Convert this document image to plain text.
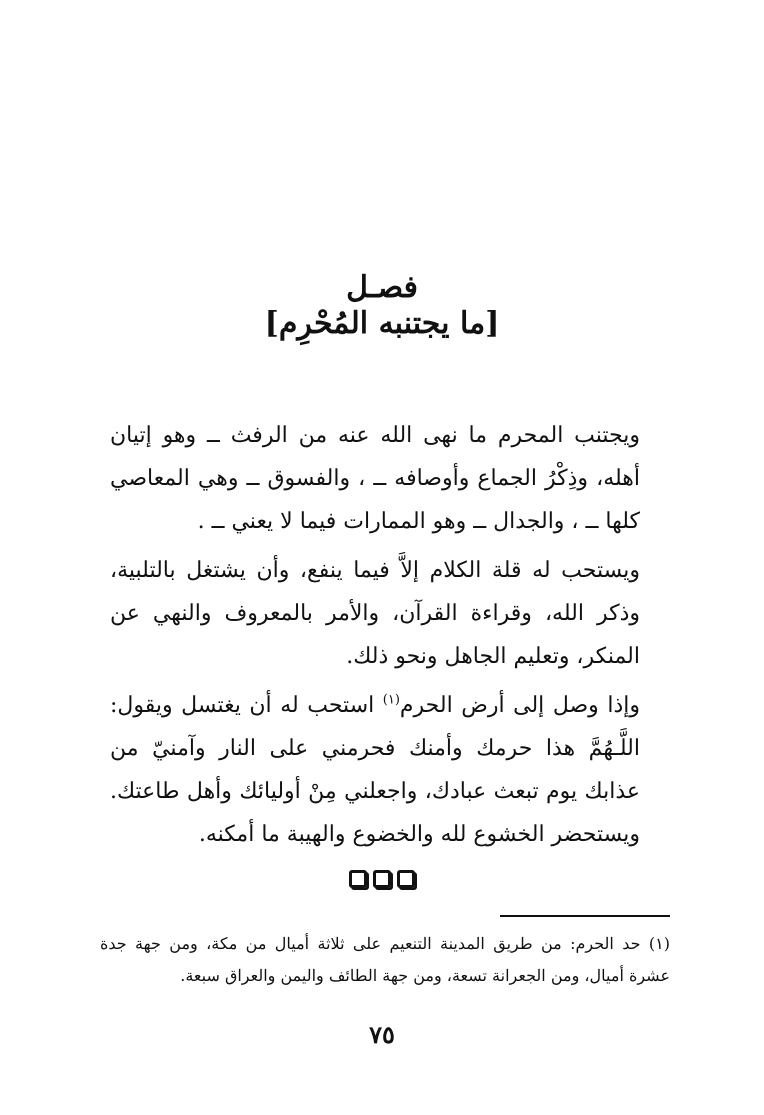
فصـل
[ما يجتنبه المُحْرِم]

ويجتنب المحرم ما نهى الله عنه من الرفث ــ وهو إتيان أهله، وذِكْرُ الجماع وأوصافه ــ ، والفسوق ــ وهي المعاصي كلها ــ ، والجدال ــ وهو الممارات فيما لا يعني ــ .

ويستحب له قلة الكلام إلاَّ فيما ينفع، وأن يشتغل بالتلبية، وذكر الله، وقراءة القرآن، والأمر بالمعروف والنهي عن المنكر، وتعليم الجاهل ونحو ذلك.

وإذا وصل إلى أرض الحرم$^{(١)}$ استحب له أن يغتسل ويقول: اللَّـهُمَّ هذا حرمك وأمنك فحرمني على النار وآمنيّ من عذابك يوم تبعث عبادك، واجعلني مِنْ أوليائك وأهل طاعتك. ويستحضر الخشوع لله والخضوع والهيبة ما أمكنه.

(١) حد الحرم: من طريق المدينة التنعيم على ثلاثة أميال من مكة، ومن جهة جدة عشرة أميال، ومن الجعرانة تسعة، ومن جهة الطائف واليمن والعراق سبعة.
٧٥
